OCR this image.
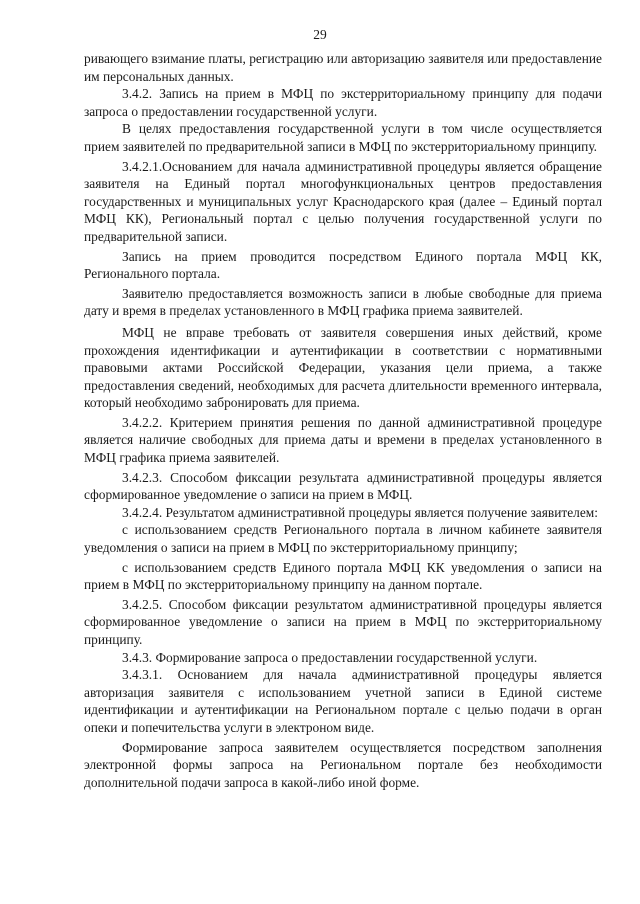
29

ривающего взимание платы, регистрацию или авторизацию заявителя или предоставление им персональных данных.

3.4.2. Запись на прием в МФЦ по экстерриториальному принципу для подачи запроса о предоставлении государственной услуги.

В целях предоставления государственной услуги в том числе осуществляется прием заявителей по предварительной записи в МФЦ по экстерриториальному принципу.

3.4.2.1.Основанием для начала административной процедуры является обращение заявителя на Единый портал многофункциональных центров предоставления государственных и муниципальных услуг Краснодарского края (далее – Единый портал МФЦ КК), Региональный портал с целью получения государственной услуги по предварительной записи.

Запись на прием проводится посредством Единого портала МФЦ КК, Регионального портала.

Заявителю предоставляется возможность записи в любые свободные для приема дату и время в пределах установленного в МФЦ графика приема заявителей.

МФЦ не вправе требовать от заявителя совершения иных действий, кроме прохождения идентификации и аутентификации в соответствии с нормативными правовыми актами Российской Федерации, указания цели приема, а также предоставления сведений, необходимых для расчета длительности временного интервала, который необходимо забронировать для приема.

3.4.2.2. Критерием принятия решения по данной административной процедуре является наличие свободных для приема даты и времени в пределах установленного в МФЦ графика приема заявителей.

3.4.2.3. Способом фиксации результата административной процедуры является сформированное уведомление о записи на прием в МФЦ.

3.4.2.4. Результатом административной процедуры является получение заявителем:

с использованием средств Регионального портала в личном кабинете заявителя уведомления о записи на прием в МФЦ по экстерриториальному принципу;

с использованием средств Единого портала МФЦ КК уведомления о записи на прием в МФЦ по экстерриториальному принципу на данном портале.

3.4.2.5. Способом фиксации результатом административной процедуры является сформированное уведомление о записи на прием в МФЦ по экстерриториальному принципу.

3.4.3. Формирование запроса о предоставлении государственной услуги.

3.4.3.1. Основанием для начала административной процедуры является авторизация заявителя с использованием учетной записи в Единой системе идентификации и аутентификации на Региональном портале с целью подачи в орган опеки и попечительства услуги в электроном виде.

Формирование запроса заявителем осуществляется посредством заполнения электронной формы запроса на Региональном портале без необходимости дополнительной подачи запроса в какой-либо иной форме.
